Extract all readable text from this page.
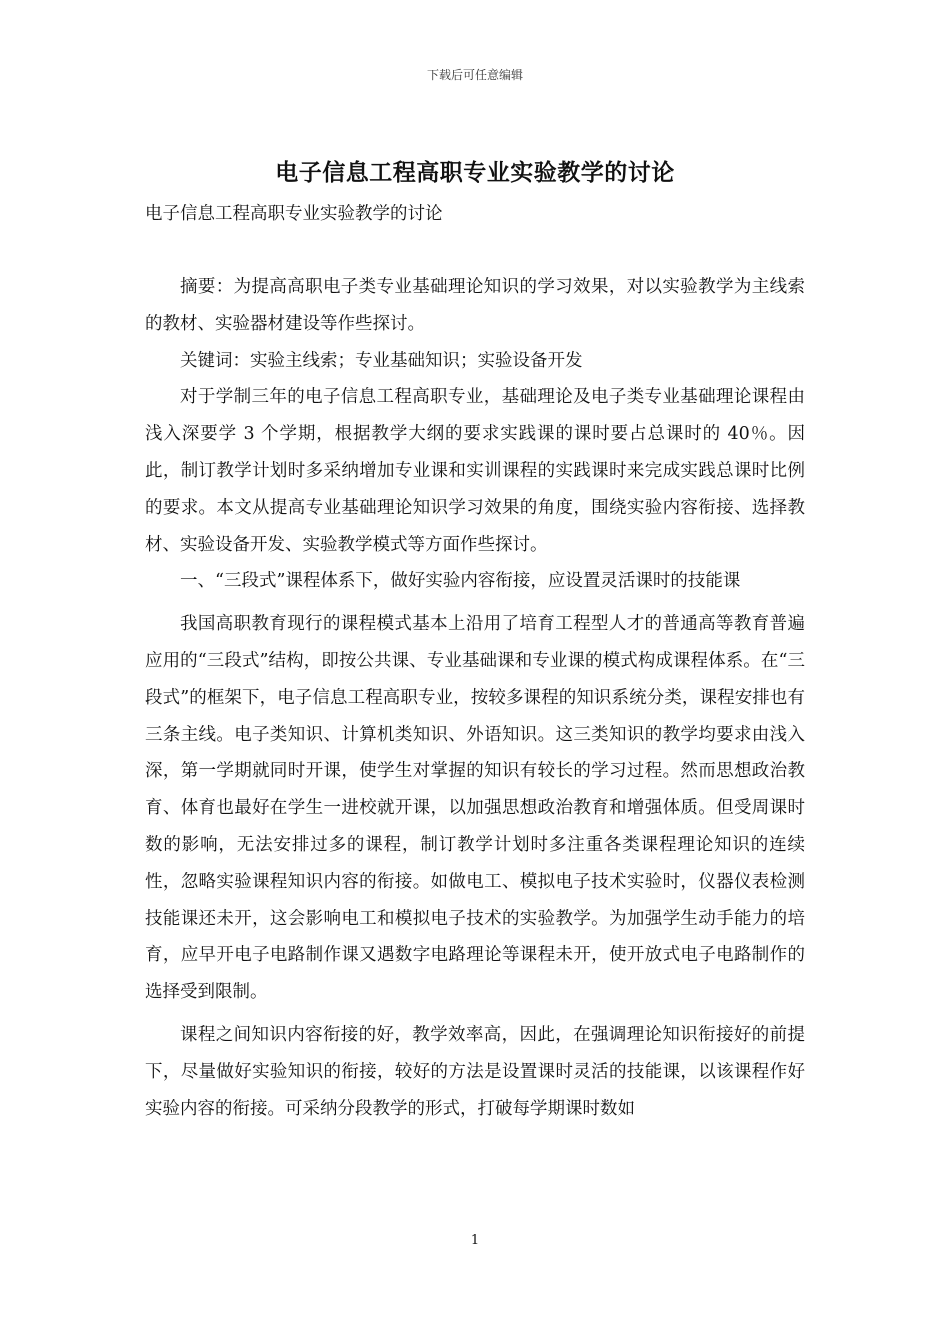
下载后可任意编辑
电子信息工程高职专业实验教学的讨论
电子信息工程高职专业实验教学的讨论

摘要：为提高高职电子类专业基础理论知识的学习效果，对以实验教学为主线索的教材、实验器材建设等作些探讨。

关键词：实验主线索；专业基础知识；实验设备开发

对于学制三年的电子信息工程高职专业，基础理论及电子类专业基础理论课程由浅入深要学 3 个学期，根据教学大纲的要求实践课的课时要占总课时的 40％。因此，制订教学计划时多采纳增加专业课和实训课程的实践课时来完成实践总课时比例的要求。本文从提高专业基础理论知识学习效果的角度，围绕实验内容衔接、选择教材、实验设备开发、实验教学模式等方面作些探讨。

一、“三段式”课程体系下，做好实验内容衔接，应设置灵活课时的技能课

我国高职教育现行的课程模式基本上沿用了培育工程型人才的普通高等教育普遍应用的“三段式”结构，即按公共课、专业基础课和专业课的模式构成课程体系。在“三段式”的框架下，电子信息工程高职专业，按较多课程的知识系统分类，课程安排也有三条主线。电子类知识、计算机类知识、外语知识。这三类知识的教学均要求由浅入深，第一学期就同时开课，使学生对掌握的知识有较长的学习过程。然而思想政治教育、体育也最好在学生一进校就开课，以加强思想政治教育和增强体质。但受周课时数的影响，无法安排过多的课程，制订教学计划时多注重各类课程理论知识的连续性，忽略实验课程知识内容的衔接。如做电工、模拟电子技术实验时，仪器仪表检测技能课还未开，这会影响电工和模拟电子技术的实验教学。为加强学生动手能力的培育，应早开电子电路制作课又遇数字电路理论等课程未开，使开放式电子电路制作的选择受到限制。

课程之间知识内容衔接的好，教学效率高，因此，在强调理论知识衔接好的前提下，尽量做好实验知识的衔接，较好的方法是设置课时灵活的技能课，以该课程作好实验内容的衔接。可采纳分段教学的形式，打破每学期课时数如

1
